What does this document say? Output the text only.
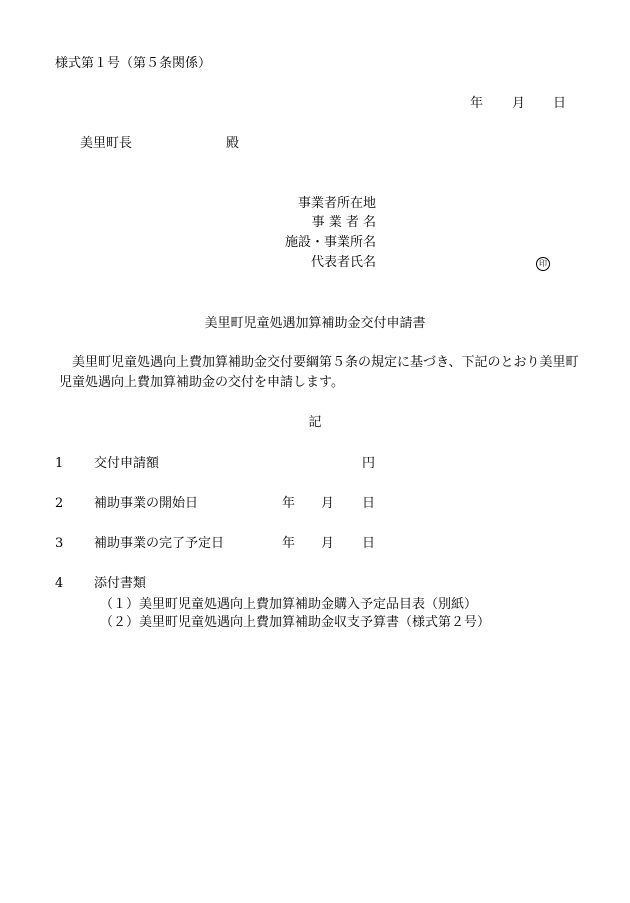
様式第１号（第５条関係）
年 月 日
美里町長	殿
事業者所在地
事 業 者 名
施設・事業所名
代表者氏名	印
美里町児童処遇加算補助金交付申請書
美里町児童処遇向上費加算補助金交付要綱第５条の規定に基づき、下記のとおり美里町児童処遇向上費加算補助金の交付を申請します。
記
1 交付申請額	円
2 補助事業の開始日	年 月 日
3 補助事業の完了予定日	年 月 日
4 添付書類
（１）美里町児童処遇向上費加算補助金購入予定品目表（別紙）
（２）美里町児童処遇向上費加算補助金収支予算書（様式第２号）
